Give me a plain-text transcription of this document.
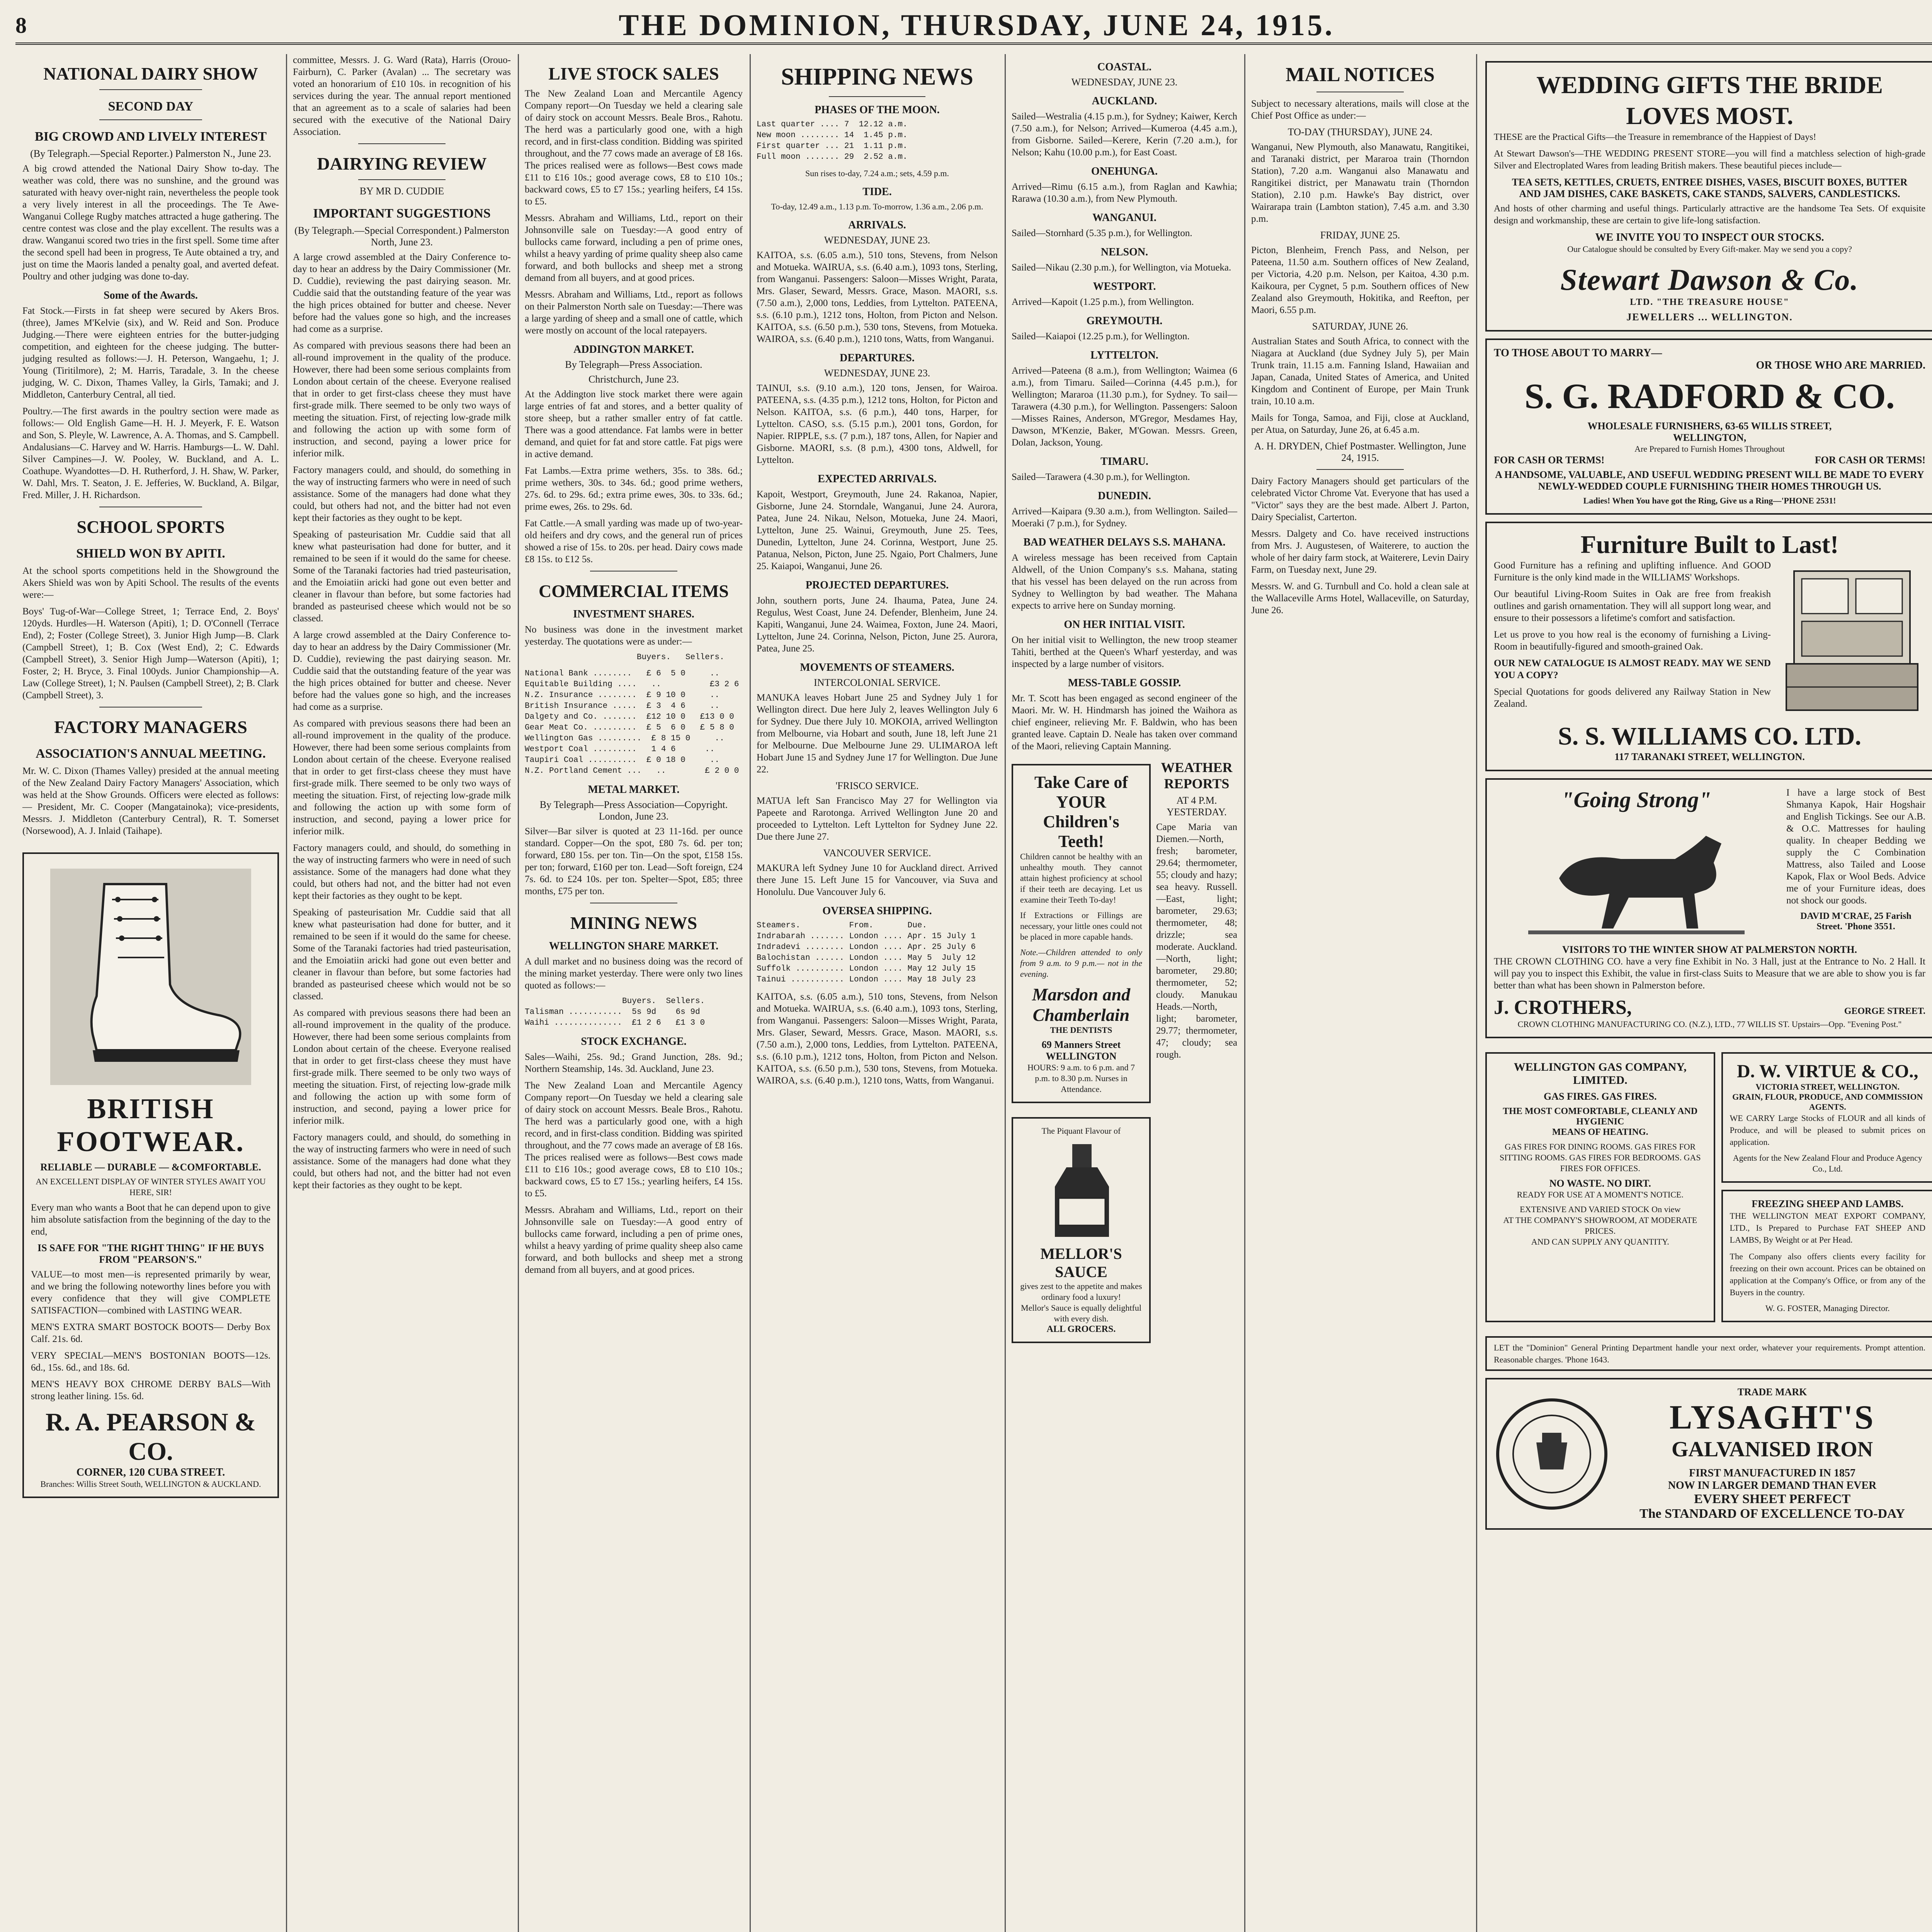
8	THE DOMINION, THURSDAY, JUNE 24, 1915.
NATIONAL DAIRY SHOW
SECOND DAY
BIG CROWD AND LIVELY INTEREST
(By Telegraph.—Special Reporter.) Palmerston N., June 23.

A big crowd attended the National Dairy Show to-day. The weather was cold, there was no sunshine, and the ground was saturated with heavy over-night rain, nevertheless the people took a very lively interest in all the proceedings. The Te Awe-Wanganui College Rugby matches attracted a huge gathering. The centre contest was close and the play excellent. The results was a draw. Wanganui scored two tries in the first spell. Some time after the second spell had been in progress, Te Aute obtained a try, and just on time the Maoris landed a penalty goal, and averted defeat. Poultry and other judging was done to-day.

Some of the Awards.

Fat Stock.—Firsts in fat sheep were secured by Akers Bros. (three), James M'Kelvie (six), and W. Reid and Son. Produce Judging.—There were eighteen entries for the butter-judging competition, and eighteen for the cheese judging. The butter-judging resulted as follows:—J. H. Peterson, Wangaehu, 1; J. Young (Tiritilmore), 2; M. Harris, Taradale, 3. In the cheese judging, W. C. Dixon, Thames Valley, la Girls, Tamaki; and J. Middleton, Canterbury Central, all tied.

Poultry.—The first awards in the poultry section were made as follows:— Old English Game—H. H. J. Meyerk, F. E. Watson and Son, S. Pleyle, W. Lawrence, A. A. Thomas, and S. Campbell. Andalusians—C. Harvey and W. Harris. Hamburgs—L. W. Dahl. Silver Campines—J. W. Pooley, W. Buckland, and A. L. Coathupe. Wyandottes—D. H. Rutherford, J. H. Shaw, W. Parker, W. Dahl, Mrs. T. Seaton, J. E. Jefferies, W. Buckland, A. Bilgar, Fred. Miller, J. H. Richardson.

SCHOOL SPORTS
SHIELD WON BY APITI.

At the school sports competitions held in the Showground the Akers Shield was won by Apiti School. The results of the events were:—

Boys' Tug-of-War—College Street, 1; Terrace End, 2. Boys' 120yds. Hurdles—H. Waterson (Apiti), 1; D. O'Connell (Terrace End), 2; Foster (College Street), 3. Junior High Jump—B. Clark (Campbell Street), 1; B. Cox (West End), 2; C. Edwards (Campbell Street), 3. Senior High Jump—Waterson (Apiti), 1; Foster, 2; H. Bryce, 3. Final 100yds. Junior Championship—A. Law (College Street), 1; N. Paulsen (Campbell Street), 2; B. Clark (Campbell Street), 3.

FACTORY MANAGERS
ASSOCIATION'S ANNUAL MEETING.

Mr. W. C. Dixon (Thames Valley) presided at the annual meeting of the New Zealand Dairy Factory Managers' Association, which was held at the Show Grounds. Officers were elected as follows:— President, Mr. C. Cooper (Mangatainoka); vice-presidents, Messrs. J. Middleton (Canterbury Central), R. T. Somerset (Norsewood), A. J. Inlaid (Taihape).

BRITISH FOOTWEAR.
RELIABLE — DURABLE — &COMFORTABLE.
AN EXCELLENT DISPLAY OF WINTER STYLES AWAIT YOU HERE, SIR!

Every man who wants a Boot that he can depend upon to give him absolute satisfaction from the beginning of the day to the end,

IS SAFE FOR "THE RIGHT THING" IF HE BUYS FROM "PEARSON'S."

VALUE—to most men—is represented primarily by wear, and we bring the following noteworthy lines before you with every confidence that they will give COMPLETE SATISFACTION—combined with LASTING WEAR.

MEN'S EXTRA SMART BOSTOCK BOOTS— Derby Box Calf. 21s. 6d.

VERY SPECIAL—MEN'S BOSTONIAN BOOTS—12s. 6d., 15s. 6d., and 18s. 6d.

MEN'S HEAVY BOX CHROME DERBY BALS—With strong leather lining. 15s. 6d.

R. A. PEARSON & CO.
CORNER, 120 CUBA STREET.
Branches: Willis Street South, WELLINGTON & AUCKLAND.

committee, Messrs. J. G. Ward (Rata), Harris (Orouo-Fairburn), C. Parker (Avalan) ... The secretary was voted an honorarium of £10 10s. in recognition of his services during the year. The annual report mentioned that an agreement as to a scale of salaries had been secured with the executive of the National Dairy Association.

DAIRYING REVIEW
BY MR D. CUDDIE
IMPORTANT SUGGESTIONS
(By Telegraph.—Special Correspondent.) Palmerston North, June 23.

A large crowd assembled at the Dairy Conference to-day to hear an address by the Dairy Commissioner (Mr. D. Cuddie), reviewing the past dairying season. Mr. Cuddie said that the outstanding feature of the year was the high prices obtained for butter and cheese. Never before had the values gone so high, and the increases had come as a surprise.

As compared with previous seasons there had been an all-round improvement in the quality of the produce. However, there had been some serious complaints from London about certain of the cheese. Everyone realised that in order to get first-class cheese they must have first-grade milk. There seemed to be only two ways of meeting the situation. First, of rejecting low-grade milk and following the action up with some form of instruction, and second, paying a lower price for inferior milk.

Factory managers could, and should, do something in the way of instructing farmers who were in need of such assistance. Some of the managers had done what they could, but others had not, and the bitter had not even kept their factories as they ought to be kept.

Speaking of pasteurisation Mr. Cuddie said that all knew what pasteurisation had done for butter, and it remained to be seen if it would do the same for cheese. Some of the Taranaki factories had tried pasteurisation, and the Emoiatiin aricki had gone out even better and cleaner in flavour than before, but some factories had branded as pasteurised cheese which would not be so classed.

A large crowd assembled at the Dairy Conference to-day to hear an address by the Dairy Commissioner (Mr. D. Cuddie), reviewing the past dairying season. Mr. Cuddie said that the outstanding feature of the year was the high prices obtained for butter and cheese. Never before had the values gone so high, and the increases had come as a surprise.

As compared with previous seasons there had been an all-round improvement in the quality of the produce. However, there had been some serious complaints from London about certain of the cheese. Everyone realised that in order to get first-class cheese they must have first-grade milk. There seemed to be only two ways of meeting the situation. First, of rejecting low-grade milk and following the action up with some form of instruction, and second, paying a lower price for inferior milk.

Factory managers could, and should, do something in the way of instructing farmers who were in need of such assistance. Some of the managers had done what they could, but others had not, and the bitter had not even kept their factories as they ought to be kept.

Speaking of pasteurisation Mr. Cuddie said that all knew what pasteurisation had done for butter, and it remained to be seen if it would do the same for cheese. Some of the Taranaki factories had tried pasteurisation, and the Emoiatiin aricki had gone out even better and cleaner in flavour than before, but some factories had branded as pasteurised cheese which would not be so classed.

As compared with previous seasons there had been an all-round improvement in the quality of the produce. However, there had been some serious complaints from London about certain of the cheese. Everyone realised that in order to get first-class cheese they must have first-grade milk. There seemed to be only two ways of meeting the situation. First, of rejecting low-grade milk and following the action up with some form of instruction, and second, paying a lower price for inferior milk.

Factory managers could, and should, do something in the way of instructing farmers who were in need of such assistance. Some of the managers had done what they could, but others had not, and the bitter had not even kept their factories as they ought to be kept.

LIVE STOCK SALES

The New Zealand Loan and Mercantile Agency Company report—On Tuesday we held a clearing sale of dairy stock on account Messrs. Beale Bros., Rahotu. The herd was a particularly good one, with a high record, and in first-class condition. Bidding was spirited throughout, and the 77 cows made an average of £8 16s. The prices realised were as follows—Best cows made £11 to £16 10s.; good average cows, £8 to £10 10s.; backward cows, £5 to £7 15s.; yearling heifers, £4 15s. to £5.

Messrs. Abraham and Williams, Ltd., report on their Johnsonville sale on Tuesday:—A good entry of bullocks came forward, including a pen of prime ones, whilst a heavy yarding of prime quality sheep also came forward, and both bullocks and sheep met a strong demand from all buyers, and at good prices.

Messrs. Abraham and Williams, Ltd., report as follows on their Palmerston North sale on Tuesday:—There was a large yarding of sheep and a small one of cattle, which were mostly on account of the local ratepayers.

ADDINGTON MARKET.
By Telegraph—Press Association.
Christchurch, June 23.

At the Addington live stock market there were again large entries of fat and stores, and a better quality of store sheep, but a rather smaller entry of fat cattle. There was a good attendance. Fat lambs were in better demand, and quiet for fat and store cattle. Fat pigs were in active demand.

Fat Lambs.—Extra prime wethers, 35s. to 38s. 6d.; prime wethers, 30s. to 34s. 6d.; good prime wethers, 27s. 6d. to 29s. 6d.; extra prime ewes, 30s. to 33s. 6d.; prime ewes, 26s. to 29s. 6d.

Fat Cattle.—A small yarding was made up of two-year-old heifers and dry cows, and the general run of prices showed a rise of 15s. to 20s. per head. Dairy cows made £8 15s. to £12 5s.

COMMERCIAL ITEMS
INVESTMENT SHARES.

No business was done in the investment market yesterday. The quotations were as under:—

Buyers.   Sellers.
National Bank ........   £ 6  5 0     ..
Equitable Building ....   ..          £3 2 6
N.Z. Insurance ........  £ 9 10 0     ..
British Insurance .....  £ 3  4 6     ..
Dalgety and Co. .......  £12 10 0   £13 0 0
Gear Meat Co. .........  £ 5  6 0   £ 5 8 0
Wellington Gas .........  £ 8 15 0     ..
Westport Coal .........   1 4 6      ..
Taupiri Coal ..........  £ 0 18 0     ..
N.Z. Portland Cement ...   ..        £ 2 0 0
METAL MARKET.
By Telegraph—Press Association—Copyright. London, June 23.

Silver—Bar silver is quoted at 23 11-16d. per ounce standard. Copper—On the spot, £80 7s. 6d. per ton; forward, £80 15s. per ton. Tin—On the spot, £158 15s. per ton; forward, £160 per ton. Lead—Soft foreign, £24 7s. 6d. to £24 10s. per ton. Spelter—Spot, £85; three months, £75 per ton.

MINING NEWS
WELLINGTON SHARE MARKET.

A dull market and no business doing was the record of the mining market yesterday. There were only two lines quoted as follows:—

Buyers.  Sellers.
Talisman ...........  5s 9d    6s 9d
Waihi ..............  £1 2 6   £1 3 0
STOCK EXCHANGE.

Sales—Waihi, 25s. 9d.; Grand Junction, 28s. 9d.; Northern Steamship, 14s. 3d. Auckland, June 23.

The New Zealand Loan and Mercantile Agency Company report—On Tuesday we held a clearing sale of dairy stock on account Messrs. Beale Bros., Rahotu. The herd was a particularly good one, with a high record, and in first-class condition. Bidding was spirited throughout, and the 77 cows made an average of £8 16s. The prices realised were as follows—Best cows made £11 to £16 10s.; good average cows, £8 to £10 10s.; backward cows, £5 to £7 15s.; yearling heifers, £4 15s. to £5.

Messrs. Abraham and Williams, Ltd., report on their Johnsonville sale on Tuesday:—A good entry of bullocks came forward, including a pen of prime ones, whilst a heavy yarding of prime quality sheep also came forward, and both bullocks and sheep met a strong demand from all buyers, and at good prices.

SHIPPING NEWS
PHASES OF THE MOON.
Last quarter .... 7  12.12 a.m.
New moon ........ 14  1.45 p.m.
First quarter ... 21  1.11 p.m.
Full moon ....... 29  2.52 a.m.
Sun rises to-day, 7.24 a.m.; sets, 4.59 p.m.
TIDE.
To-day, 12.49 a.m., 1.13 p.m. To-morrow, 1.36 a.m., 2.06 p.m.
ARRIVALS.
WEDNESDAY, JUNE 23.

KAITOA, s.s. (6.05 a.m.), 510 tons, Stevens, from Nelson and Motueka. WAIRUA, s.s. (6.40 a.m.), 1093 tons, Sterling, from Wanganui. Passengers: Saloon—Misses Wright, Parata, Mrs. Glaser, Seward, Messrs. Grace, Mason. MAORI, s.s. (7.50 a.m.), 2,000 tons, Leddies, from Lyttelton. PATEENA, s.s. (6.10 p.m.), 1212 tons, Holton, from Picton and Nelson. KAITOA, s.s. (6.50 p.m.), 530 tons, Stevens, from Motueka. WAIROA, s.s. (6.40 p.m.), 1210 tons, Watts, from Wanganui.

DEPARTURES.
WEDNESDAY, JUNE 23.

TAINUI, s.s. (9.10 a.m.), 120 tons, Jensen, for Wairoa. PATEENA, s.s. (4.35 p.m.), 1212 tons, Holton, for Picton and Nelson. KAITOA, s.s. (6 p.m.), 440 tons, Harper, for Lyttelton. CASO, s.s. (5.15 p.m.), 2001 tons, Gordon, for Napier. RIPPLE, s.s. (7 p.m.), 187 tons, Allen, for Napier and Gisborne. MAORI, s.s. (8 p.m.), 4300 tons, Aldwell, for Lyttelton.

EXPECTED ARRIVALS.

Kapoit, Westport, Greymouth, June 24. Rakanoa, Napier, Gisborne, June 24. Storndale, Wanganui, June 24. Aurora, Patea, June 24. Nikau, Nelson, Motueka, June 24. Maori, Lyttelton, June 25. Wainui, Greymouth, June 25. Tees, Dunedin, Lyttelton, June 24. Corinna, Westport, June 25. Patanua, Nelson, Picton, June 25. Ngaio, Port Chalmers, June 25. Kaiapoi, Wanganui, June 26.

PROJECTED DEPARTURES.

John, southern ports, June 24. Ihauma, Patea, June 24. Regulus, West Coast, June 24. Defender, Blenheim, June 24. Kapiti, Wanganui, June 24. Waimea, Foxton, June 24. Maori, Lyttelton, June 24. Corinna, Nelson, Picton, June 25. Aurora, Patea, June 25.

MOVEMENTS OF STEAMERS.
INTERCOLONIAL SERVICE.

MANUKA leaves Hobart June 25 and Sydney July 1 for Wellington direct. Due here July 2, leaves Wellington July 6 for Sydney. Due there July 10. MOKOIA, arrived Wellington from Melbourne, via Hobart and south, June 18, left June 21 for Melbourne. Due Melbourne June 29. ULIMAROA left Hobart June 15 and Sydney June 17 for Wellington. Due June 22.

'FRISCO SERVICE.

MATUA left San Francisco May 27 for Wellington via Papeete and Rarotonga. Arrived Wellington June 20 and proceeded to Lyttelton. Left Lyttelton for Sydney June 22. Due there June 27.

VANCOUVER SERVICE.

MAKURA left Sydney June 10 for Auckland direct. Arrived there June 15. Left June 15 for Vancouver, via Suva and Honolulu. Due Vancouver July 6.

OVERSEA SHIPPING.
Steamers.          From.       Due.
Indrabarah ....... London .... Apr. 15 July 1
Indradevi ........ London .... Apr. 25 July 6
Balochistan ...... London .... May 5  July 12
Suffolk .......... London .... May 12 July 15
Tainui ........... London .... May 18 July 23

KAITOA, s.s. (6.05 a.m.), 510 tons, Stevens, from Nelson and Motueka. WAIRUA, s.s. (6.40 a.m.), 1093 tons, Sterling, from Wanganui. Passengers: Saloon—Misses Wright, Parata, Mrs. Glaser, Seward, Messrs. Grace, Mason. MAORI, s.s. (7.50 a.m.), 2,000 tons, Leddies, from Lyttelton. PATEENA, s.s. (6.10 p.m.), 1212 tons, Holton, from Picton and Nelson. KAITOA, s.s. (6.50 p.m.), 530 tons, Stevens, from Motueka. WAIROA, s.s. (6.40 p.m.), 1210 tons, Watts, from Wanganui.

COASTAL.
WEDNESDAY, JUNE 23.
AUCKLAND.

Sailed—Westralia (4.15 p.m.), for Sydney; Kaiwer, Kerch (7.50 a.m.), for Nelson; Arrived—Kumeroa (4.45 a.m.), from Gisborne. Sailed—Kerere, Kerin (7.20 a.m.), for Nelson; Kahu (10.00 p.m.), for East Coast.

ONEHUNGA.

Arrived—Rimu (6.15 a.m.), from Raglan and Kawhia; Rarawa (10.30 a.m.), from New Plymouth.

WANGANUI.

Sailed—Stornhard (5.35 p.m.), for Wellington.

NELSON.

Sailed—Nikau (2.30 p.m.), for Wellington, via Motueka.

WESTPORT.

Arrived—Kapoit (1.25 p.m.), from Wellington.

GREYMOUTH.

Sailed—Kaiapoi (12.25 p.m.), for Wellington.

LYTTELTON.

Arrived—Pateena (8 a.m.), from Wellington; Waimea (6 a.m.), from Timaru. Sailed—Corinna (4.45 p.m.), for Wellington; Mararoa (11.30 p.m.), for Sydney. To sail—Tarawera (4.30 p.m.), for Wellington. Passengers: Saloon—Misses Raines, Anderson, M'Gregor, Mesdames Hay, Dawson, M'Kenzie, Baker, M'Gowan. Messrs. Green, Dolan, Jackson, Young.

TIMARU.

Sailed—Tarawera (4.30 p.m.), for Wellington.

DUNEDIN.

Arrived—Kaipara (9.30 a.m.), from Wellington. Sailed—Moeraki (7 p.m.), for Sydney.

BAD WEATHER DELAYS S.S. MAHANA.

A wireless message has been received from Captain Aldwell, of the Union Company's s.s. Mahana, stating that his vessel has been delayed on the run across from Sydney to Wellington by bad weather. The Mahana expects to arrive here on Sunday morning.

ON HER INITIAL VISIT.

On her initial visit to Wellington, the new troop steamer Tahiti, berthed at the Queen's Wharf yesterday, and was inspected by a large number of visitors.

MESS-TABLE GOSSIP.

Mr. T. Scott has been engaged as second engineer of the Maori. Mr. W. H. Hindmarsh has joined the Waihora as chief engineer, relieving Mr. F. Baldwin, who has been granted leave. Captain D. Neale has taken over command of the Maori, relieving Captain Manning.

Take Care of YOUR Children's Teeth!

Children cannot be healthy with an unhealthy mouth. They cannot attain highest proficiency at school if their teeth are decaying. Let us examine their Teeth To-day!

If Extractions or Fillings are necessary, your little ones could not be placed in more capable hands.

Note.—Children attended to only from 9 a.m. to 9 p.m.— not in the evening.

Marsdon and Chamberlain
THE DENTISTS
69 Manners Street WELLINGTON
HOURS: 9 a.m. to 6 p.m. and 7 p.m. to 8.30 p.m. Nurses in Attendance.
WEATHER REPORTS
AT 4 P.M. YESTERDAY.

Cape Maria van Diemen.—North, fresh; barometer, 29.64; thermometer, 55; cloudy and hazy; sea heavy. Russell.—East, light; barometer, 29.63; thermometer, 48; drizzle; sea moderate. Auckland.—North, light; barometer, 29.80; thermometer, 52; cloudy. Manukau Heads.—North, light; barometer, 29.77; thermometer, 47; cloudy; sea rough.

The Piquant Flavour of
MELLOR'S SAUCE
gives zest to the appetite and makes ordinary food a luxury!
Mellor's Sauce is equally delightful with every dish.
ALL GROCERS.
MAIL NOTICES

Subject to necessary alterations, mails will close at the Chief Post Office as under:—

TO-DAY (THURSDAY), JUNE 24.

Wanganui, New Plymouth, also Manawatu, Rangitikei, and Taranaki district, per Mararoa train (Thorndon Station), 7.20 a.m. Wanganui also Manawatu and Rangitikei district, per Manawatu train (Thorndon Station), 2.10 p.m. Hawke's Bay district, over Wairarapa train (Lambton station), 7.45 a.m. and 3.30 p.m.

FRIDAY, JUNE 25.

Picton, Blenheim, French Pass, and Nelson, per Pateena, 11.50 a.m. Southern offices of New Zealand, per Victoria, 4.20 p.m. Nelson, per Kaitoa, 4.30 p.m. Kaikoura, per Cygnet, 5 p.m. Southern offices of New Zealand also Greymouth, Hokitika, and Reefton, per Maori, 6.55 p.m.

SATURDAY, JUNE 26.

Australian States and South Africa, to connect with the Niagara at Auckland (due Sydney July 5), per Main Trunk train, 11.15 a.m. Fanning Island, Hawaiian and Japan, Canada, United States of America, and United Kingdom and Continent of Europe, per Main Trunk train, 10.10 a.m.

Mails for Tonga, Samoa, and Fiji, close at Auckland, per Atua, on Saturday, June 26, at 6.45 a.m.

A. H. DRYDEN, Chief Postmaster. Wellington, June 24, 1915.

Dairy Factory Managers should get particulars of the celebrated Victor Chrome Vat. Everyone that has used a "Victor" says they are the best made. Albert J. Parton, Dairy Specialist, Carterton.

Messrs. Dalgety and Co. have received instructions from Mrs. J. Augustesen, of Waiterere, to auction the whole of her dairy farm stock, at Waiterere, Levin Dairy Farm, on Tuesday next, June 29.

Messrs. W. and G. Turnbull and Co. hold a clean sale at the Wallaceville Arms Hotel, Wallaceville, on Saturday, June 26.

WEDDING GIFTS THE BRIDE LOVES MOST.

THESE are the Practical Gifts—the Treasure in remembrance of the Happiest of Days!

At Stewart Dawson's—THE WEDDING PRESENT STORE—you will find a matchless selection of high-grade Silver and Electroplated Wares from leading British makers. These beautiful pieces include—

TEA SETS, KETTLES, CRUETS, ENTREE DISHES, VASES, BISCUIT BOXES, BUTTER AND JAM DISHES, CAKE BASKETS, CAKE STANDS, SALVERS, CANDLESTICKS.

And hosts of other charming and useful things. Particularly attractive are the handsome Tea Sets. Of exquisite design and workmanship, these are certain to give life-long satisfaction.

WE INVITE YOU TO INSPECT OUR STOCKS.
Our Catalogue should be consulted by Every Gift-maker. May we send you a copy?
Stewart Dawson & Co.
LTD. "THE TREASURE HOUSE"
JEWELLERS ... WELLINGTON.
TO THOSE ABOUT TO MARRY—
OR THOSE WHO ARE MARRIED.
S. G. RADFORD & CO.
WHOLESALE FURNISHERS, 63-65 WILLIS STREET,
WELLINGTON,
Are Prepared to Furnish Homes Throughout
FOR CASH OR TERMS!	FOR CASH OR TERMS!
A HANDSOME, VALUABLE, AND USEFUL WEDDING PRESENT WILL BE MADE TO EVERY NEWLY-WEDDED COUPLE FURNISHING THEIR HOMES THROUGH US.
Ladies! When You have got the Ring, Give us a Ring—'PHONE 2531!
Furniture Built to Last!

Good Furniture has a refining and uplifting influence. And GOOD Furniture is the only kind made in the WILLIAMS' Workshops.

Our beautiful Living-Room Suites in Oak are free from freakish outlines and garish ornamentation. They will all support long wear, and ensure to their possessors a lifetime's comfort and satisfaction.

Let us prove to you how real is the economy of furnishing a Living-Room in beautifully-figured and smooth-grained Oak.

OUR NEW CATALOGUE IS ALMOST READY. MAY WE SEND YOU A COPY?

Special Quotations for goods delivered any Railway Station in New Zealand.

S. S. WILLIAMS CO. LTD.
117 TARANAKI STREET, WELLINGTON.
"Going Strong"	I have a large stock of Best Shmanya Kapok, Hair Hogshair and English Tickings. See our A.B. & O.C. Mattresses for hauling quality. In cheaper Bedding we supply the C Combination Mattress, also Tailed and Loose Kapok, Flax or Wool Beds. Advice me of your Furniture ideas, does not shock our goods.

DAVID M'CRAE, 25 Farish Street. 'Phone 3551.
VISITORS TO THE WINTER SHOW AT PALMERSTON NORTH.

THE CROWN CLOTHING CO. have a very fine Exhibit in No. 3 Hall, just at the Entrance to No. 2 Hall. It will pay you to inspect this Exhibit, the value in first-class Suits to Measure that we are able to show you is far better than what has been shown in Palmerston before.

J. CROTHERS,	GEORGE STREET.
CROWN CLOTHING MANUFACTURING CO. (N.Z.), LTD., 77 WILLIS ST. Upstairs—Opp. "Evening Post."
WELLINGTON GAS COMPANY, LIMITED.
GAS FIRES. GAS FIRES.
THE MOST COMFORTABLE, CLEANLY AND HYGIENIC
MEANS OF HEATING.
GAS FIRES FOR DINING ROOMS. GAS FIRES FOR SITTING ROOMS. GAS FIRES FOR BEDROOMS. GAS FIRES FOR OFFICES.
NO WASTE. NO DIRT.
READY FOR USE AT A MOMENT'S NOTICE.
EXTENSIVE AND VARIED STOCK On view
AT THE COMPANY'S SHOWROOM, AT MODERATE PRICES.
AND CAN SUPPLY ANY QUANTITY.
D. W. VIRTUE & CO.,
VICTORIA STREET, WELLINGTON.
GRAIN, FLOUR, PRODUCE, AND COMMISSION AGENTS.

WE CARRY Large Stocks of FLOUR and all kinds of Produce, and will be pleased to submit prices on application.

Agents for the New Zealand Flour and Produce Agency Co., Ltd.
FREEZING SHEEP AND LAMBS.

THE WELLINGTON MEAT EXPORT COMPANY, LTD., Is Prepared to Purchase FAT SHEEP AND LAMBS, By Weight or at Per Head.

The Company also offers clients every facility for freezing on their own account. Prices can be obtained on application at the Company's Office, or from any of the Buyers in the country.

W. G. FOSTER, Managing Director.

LET the "Dominion" General Printing Department handle your next order, whatever your requirements. Prompt attention. Reasonable charges. 'Phone 1643.

TRADE MARK
LYSAGHT'S
GALVANISED IRON
FIRST MANUFACTURED IN 1857
NOW IN LARGER DEMAND THAN EVER
EVERY SHEET PERFECT
The STANDARD OF EXCELLENCE TO-DAY
